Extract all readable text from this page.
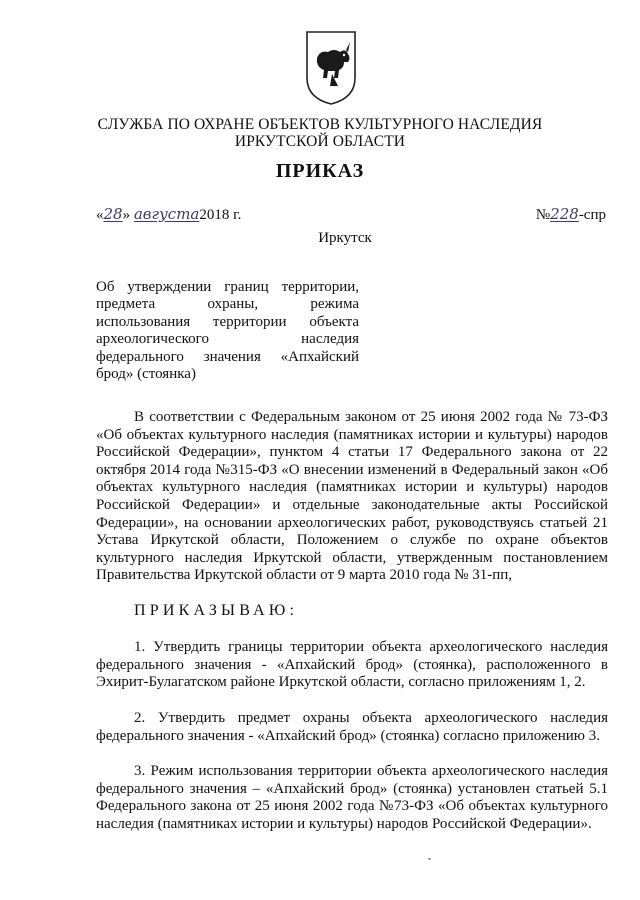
СЛУЖБА ПО ОХРАНЕ ОБЪЕКТОВ КУЛЬТУРНОГО НАСЛЕДИЯ
ИРКУТСКОЙ ОБЛАСТИ
ПРИКАЗ
«28» августа2018 г.	№228-спр
Иркутск
Об утверждении границ территории, предмета охраны, режима использования территории объекта археологического наследия федерального значения «Апхайский брод» (стоянка)

В соответствии с Федеральным законом от 25 июня 2002 года № 73-ФЗ «Об объектах культурного наследия (памятниках истории и культуры) народов Российской Федерации», пунктом 4 статьи 17 Федерального закона от 22 октября 2014 года №315-ФЗ «О внесении изменений в Федеральный закон «Об объектах культурного наследия (памятниках истории и культуры) народов Российской Федерации» и отдельные законодательные акты Российской Федерации», на основании археологических работ, руководствуясь статьей 21 Устава Иркутской области, Положением о службе по охране объектов культурного наследия Иркутской области, утвержденным постановлением Правительства Иркутской области от 9 марта 2010 года № 31-пп,

ПРИКАЗЫВАЮ:

1. Утвердить границы территории объекта археологического наследия федерального значения - «Апхайский брод» (стоянка), расположенного в Эхирит-Булагатском районе Иркутской области, согласно приложениям 1, 2.

2. Утвердить предмет охраны объекта археологического наследия федерального значения - «Апхайский брод» (стоянка) согласно приложению 3.

3. Режим использования территории объекта археологического наследия федерального значения – «Апхайский брод» (стоянка) установлен статьей 5.1 Федерального закона от 25 июня 2002 года №73-ФЗ «Об объектах культурного наследия (памятниках истории и культуры) народов Российской Федерации».
